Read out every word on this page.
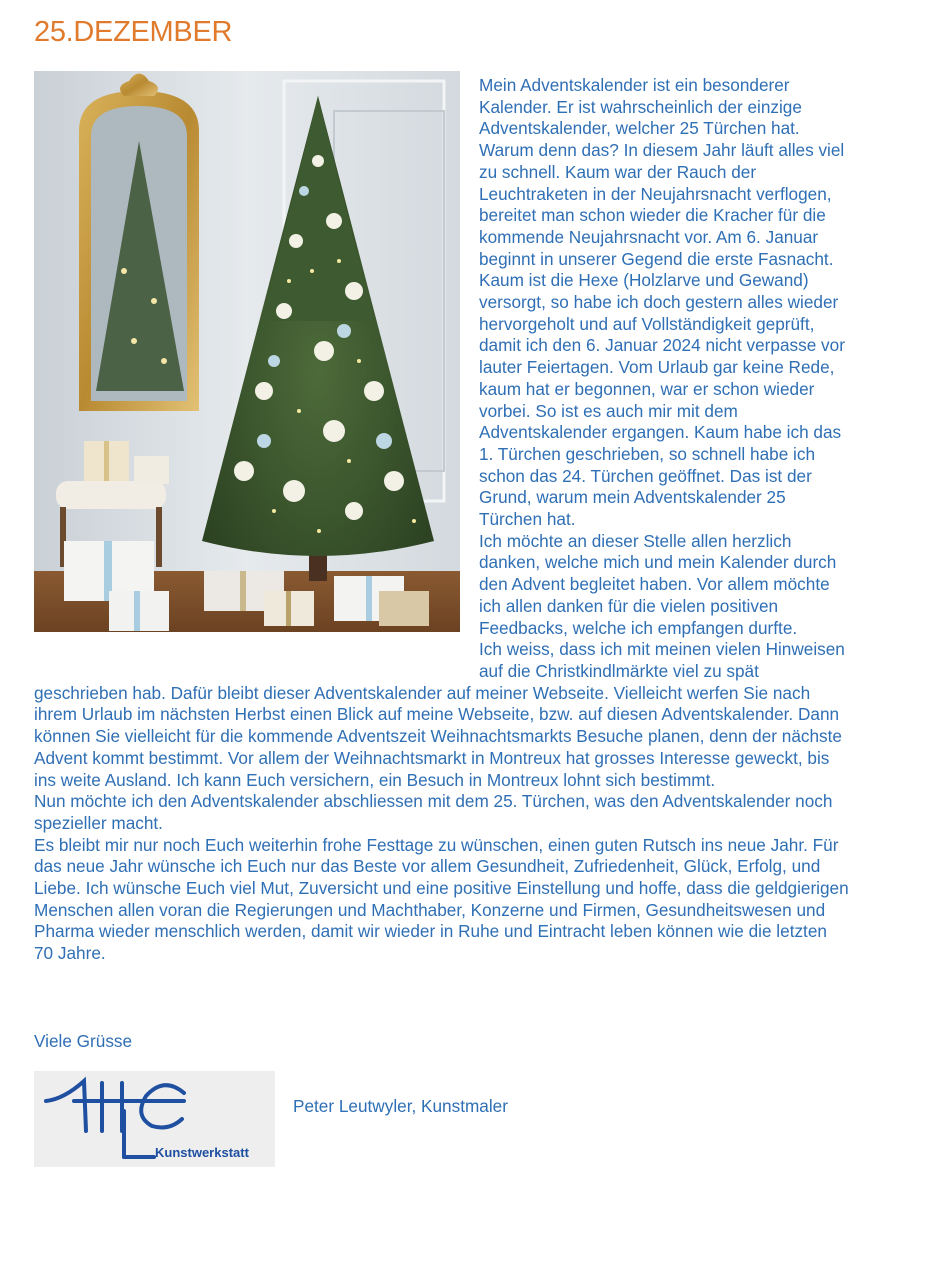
25.DEZEMBER

Mein Adventskalender ist ein besonderer Kalender. Er ist wahrscheinlich der einzige Adventskalender, welcher 25 Türchen hat. Warum denn das? In diesem Jahr läuft alles viel zu schnell. Kaum war der Rauch der Leuchtraketen in der Neujahrsnacht verflogen, bereitet man schon wieder die Kracher für die kommende Neujahrsnacht vor. Am 6. Januar beginnt in unserer Gegend die erste Fasnacht. Kaum ist die Hexe (Holzlarve und Gewand) versorgt, so habe ich doch gestern alles wieder hervorgeholt und auf Vollständigkeit geprüft, damit ich den 6. Januar 2024 nicht verpasse vor lauter Feiertagen. Vom Urlaub gar keine Rede, kaum hat er begonnen, war er schon wieder vorbei. So ist es auch mir mit dem Adventskalender ergangen. Kaum habe ich das 1. Türchen geschrieben, so schnell habe ich schon das 24. Türchen geöffnet. Das ist der Grund, warum mein Adventskalender 25 Türchen hat.

Ich möchte an dieser Stelle allen herzlich danken, welche mich und mein Kalender durch den Advent begleitet haben. Vor allem möchte ich allen danken für die vielen positiven Feedbacks, welche ich empfangen durfte.

Ich weiss, dass ich mit meinen vielen Hinweisen auf die Christkindlmärkte viel zu spät geschrieben hab. Dafür bleibt dieser Adventskalender auf meiner Webseite. Vielleicht werfen Sie nach ihrem Urlaub im nächsten Herbst einen Blick auf meine Webseite, bzw. auf diesen Adventskalender. Dann können Sie vielleicht für die kommende Adventszeit Weihnachtsmarkts Besuche planen, denn der nächste Advent kommt bestimmt. Vor allem der Weihnachtsmarkt in Montreux hat grosses Interesse geweckt, bis ins weite Ausland. Ich kann Euch versichern, ein Besuch in Montreux lohnt sich bestimmt.

Nun möchte ich den Adventskalender abschliessen mit dem 25. Türchen, was den Adventskalender noch spezieller macht.

Es bleibt mir nur noch Euch weiterhin frohe Festtage zu wünschen, einen guten Rutsch ins neue Jahr. Für das neue Jahr wünsche ich Euch nur das Beste vor allem Gesundheit, Zufriedenheit, Glück, Erfolg, und Liebe. Ich wünsche Euch viel Mut, Zuversicht und eine positive Einstellung und hoffe, dass die geldgierigen Menschen allen voran die Regierungen und Machthaber, Konzerne und Firmen, Gesundheitswesen und Pharma wieder menschlich werden, damit wir wieder in Ruhe und Eintracht leben können wie die letzten 70 Jahre.

Viele Grüsse
Kunstwerkstatt
Peter Leutwyler, Kunstmaler
